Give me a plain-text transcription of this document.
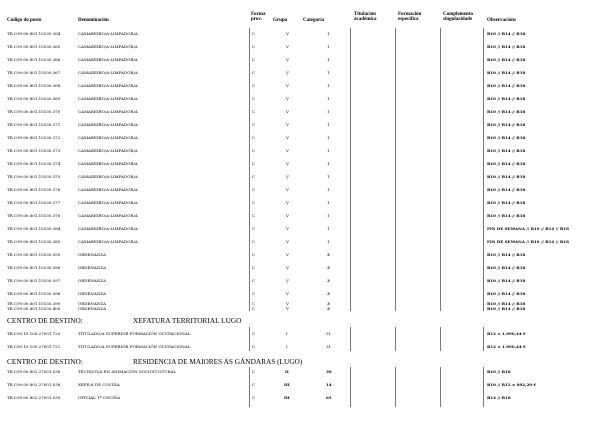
Código do posto	Denominación
Forma prov.	Grupo	Categoría
Titulación académica
Formación específica
Complemento singularidade	Observacións
TR.C99.00.801.15530.364	CAMAREIRO/A-LIMPADOR/A	C	V	1	B10 // B14 // B18
TR.C99.00.801.15530.365	CAMAREIRO/A-LIMPADOR/A	C	V	1	B10 // B14 // B18
TR.C99.00.801.15530.366	CAMAREIRO/A-LIMPADOR/A	C	V	1	B10 // B14 // B18
TR.C99.00.801.15530.367	CAMAREIRO/A-LIMPADOR/A	C	V	1	B10 // B14 // B18
TR.C99.00.801.15530.368	CAMAREIRO/A-LIMPADOR/A	C	V	1	B10 // B14 // B18
TR.C99.00.801.15530.369	CAMAREIRO/A-LIMPADOR/A	C	V	1	B10 // B14 // B18
TR.C99.00.801.15530.370	CAMAREIRO/A-LIMPADOR/A	C	V	1	B10 // B14 // B18
TR.C99.00.801.15530.371	CAMAREIRO/A-LIMPADOR/A	C	V	1	B10 // B14 // B18
TR.C99.00.801.15530.372	CAMAREIRO/A-LIMPADOR/A	C	V	1	B10 // B14 // B18
TR.C99.00.801.15530.373	CAMAREIRO/A-LIMPADOR/A	C	V	1	B10 // B14 // B18
TR.C99.00.801.15530.374	CAMAREIRO/A-LIMPADOR/A	C	V	1	B10 // B14 // B18
TR.C99.00.801.15530.375	CAMAREIRO/A-LIMPADOR/A	C	V	1	B10 // B14 // B18
TR.C99.00.801.15530.376	CAMAREIRO/A-LIMPADOR/A	C	V	1	B10 // B14 // B18
TR.C99.00.801.15530.377	CAMAREIRO/A-LIMPADOR/A	C	V	1	B10 // B14 // B18
TR.C99.00.801.15530.378	CAMAREIRO/A-LIMPADOR/A	C	V	1	B10 // B14 // B18
TR.C99.00.801.15530.384	CAMAREIRO/A-LIMPADOR/A	C	V	1	FIN DE SEMANA // B10 // B14 // B18
TR.C99.00.801.15530.385	CAMAREIRO/A-LIMPADOR/A	C	V	1	FIN DE SEMANA // B10 // B14 // B18
TR.C99.00.801.15530.395	ORDENANZA	C	V	3	B10 // B14 // B18
TR.C99.00.801.15530.396	ORDENANZA	C	V	3	B10 // B14 // B18
TR.C99.00.801.15530.397	ORDENANZA	C	V	3	B10 // B14 // B18
TR.C99.00.801.15530.398	ORDENANZA	C	V	3	B10 // B14 // B18
TR.C99.00.801.15530.399	ORDENANZA	C	V	3	B10 // B14 // B18
TR.C99.00.801.15530.400	ORDENANZA	C	V	3	B10 // B14 // B18
CENTRO DE DESTINO:	XEFATURA TERRITORIAL LUGO
TR.C99.10.100.27001.720	TITULADO/A SUPERIOR FORMACIÓN OCUPACIONAL	C	I	31	B12 = 1.090,44 €
TR.C99.10.100.27001.721	TITULADO/A SUPERIOR FORMACIÓN OCUPACIONAL	C	I	31	B12 = 1.090,44 €
CENTRO DE DESTINO:	RESIDENCIA DE MAIORES AS GÁNDARAS (LUGO)
TR.C99.00.802.27001.038	TÉCNICO/A EN ANIMACIÓN SOCIOCULTURAL	C	II	30	B10 // B18
TR.C99.00.802.27001.038	XEFE/A DE COCIÑA	C	III	14	B10 // B12 = 892,20 €
TR.C99.00.802.27001.039	OFICIAL 1ª COCIÑA	C	III	65	B14 // B18
